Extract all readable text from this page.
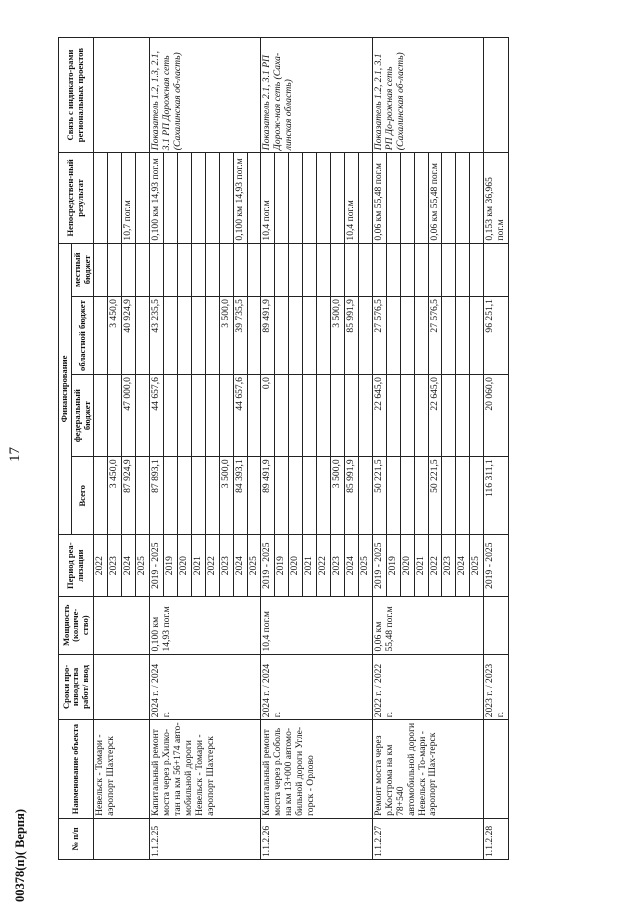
00378(п)( Верпя)
17
№ п/п	Наименование объекта	Сроки про-изводства работ/ ввод	Мощность (количе-ство)	Период реа-лизации	Финансирование				Непосредствен-ный результат	Связь с индикато-рами региональных проектов
					Всего	федеральный бюджет	областной бюджет	местный бюджет		
	Невельск - Томари - аэропорт Шахтерск			2022						
				2023	3 450,0		3 450,0			
				2024	87 924,9	47 000,0	40 924,9		10,7 пог.м	
				2025						
1.1.2.25	Капитальный ремонт моста через р.Хилко-тан на км 56+174 авто-мобильной дороги Невельск - Томари - аэропорт Шахтерск	2024 г. / 2024 г.	0,100 км 14,93 пог.м	2019 - 2025	87 893,1	44 657,6	43 235,5		0,100 км 14,93 пог.м	Показатель 1.2, 1.3, 2.1, 3.1 РП Дорожная сеть (Сахалинская об-ласть)
				2019						
				2020						
				2021						
				2022						
				2023	3 500,0		3 500,0			
				2024	84 393,1	44 657,6	39 735,5		0,100 км 14,93 пог.м	
				2025						
1.1.2.26	Капитальный ремонт моста через р.Соболь на км 13+000 автомо-бильной дороги Угле-горск - Орлово	2024 г. / 2024 г.	10,4 пог.м	2019 - 2025	89 491,9	0,0	89 491,9		10,4 пог.м	Показатель 2.1, 3.1 РП Дорож-ная сеть (Саха-линская область)
				2019						
				2020						
				2021						
				2022						
				2023	3 500,0		3 500,0			
				2024	85 991,9		85 991,9		10,4 пог.м	
				2025						
1.1.2.27	Ремонт моста через р.Кострома на км 78+540 автомобильной дороги Невельск - То-мари - аэропорт Шах-терск	2022 г. / 2022 г.	0,06 км 55,48 пог.м	2019 - 2025	50 221,5	22 645,0	27 576,5		0,06 км 55,48 пог.м	Показатель 1.2, 2.1, 3.1 РП До-рожная сеть (Сахалинская об-ласть)
				2019						
				2020						
				2021						
				2022	50 221,5	22 645,0	27 576,5		0,06 км 55,48 пог.м	
				2023						
				2024						
				2025						
1.1.2.28		2023 г. / 2023 г.		2019 - 2025	116 311,1	20 060,0	96 251,1		0,153 км 36,965 пог.м	
